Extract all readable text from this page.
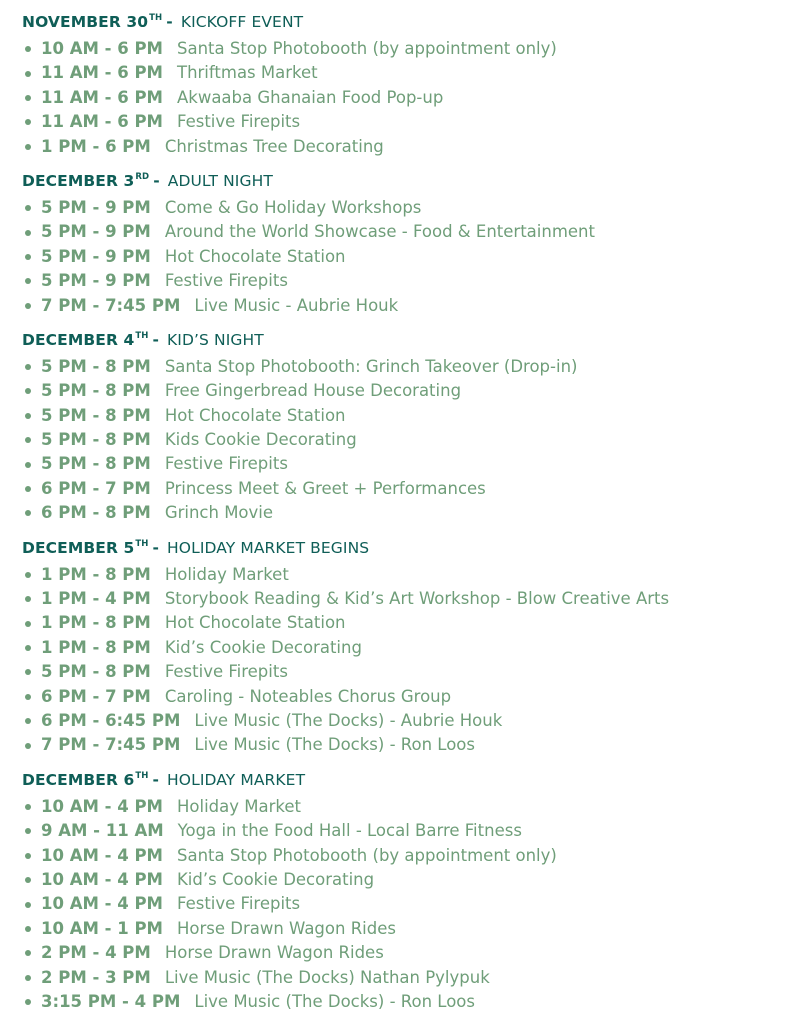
NOVEMBER 30TH - KICKOFF EVENT
10 AM - 6 PM Santa Stop Photobooth (by appointment only)
11 AM - 6 PM Thriftmas Market
11 AM - 6 PM Akwaaba Ghanaian Food Pop-up
11 AM - 6 PM Festive Firepits
1 PM - 6 PM Christmas Tree Decorating
DECEMBER 3RD - ADULT NIGHT
5 PM - 9 PM Come & Go Holiday Workshops
5 PM - 9 PM Around the World Showcase - Food & Entertainment
5 PM - 9 PM Hot Chocolate Station
5 PM - 9 PM Festive Firepits
7 PM - 7:45 PM Live Music - Aubrie Houk
DECEMBER 4TH - KID’S NIGHT
5 PM - 8 PM Santa Stop Photobooth: Grinch Takeover (Drop-in)
5 PM - 8 PM Free Gingerbread House Decorating
5 PM - 8 PM Hot Chocolate Station
5 PM - 8 PM Kids Cookie Decorating
5 PM - 8 PM Festive Firepits
6 PM - 7 PM Princess Meet & Greet + Performances
6 PM - 8 PM Grinch Movie
DECEMBER 5TH - HOLIDAY MARKET BEGINS
1 PM - 8 PM Holiday Market
1 PM - 4 PM Storybook Reading & Kid’s Art Workshop - Blow Creative Arts
1 PM - 8 PM Hot Chocolate Station
1 PM - 8 PM Kid’s Cookie Decorating
5 PM - 8 PM Festive Firepits
6 PM - 7 PM Caroling - Noteables Chorus Group
6 PM - 6:45 PM Live Music (The Docks) - Aubrie Houk
7 PM - 7:45 PM Live Music (The Docks) - Ron Loos
DECEMBER 6TH - HOLIDAY MARKET
10 AM - 4 PM Holiday Market
9 AM - 11 AM Yoga in the Food Hall - Local Barre Fitness
10 AM - 4 PM Santa Stop Photobooth (by appointment only)
10 AM - 4 PM Kid’s Cookie Decorating
10 AM - 4 PM Festive Firepits
10 AM - 1 PM Horse Drawn Wagon Rides
2 PM - 4 PM Horse Drawn Wagon Rides
2 PM - 3 PM Live Music (The Docks) Nathan Pylypuk
3:15 PM - 4 PM Live Music (The Docks) - Ron Loos
